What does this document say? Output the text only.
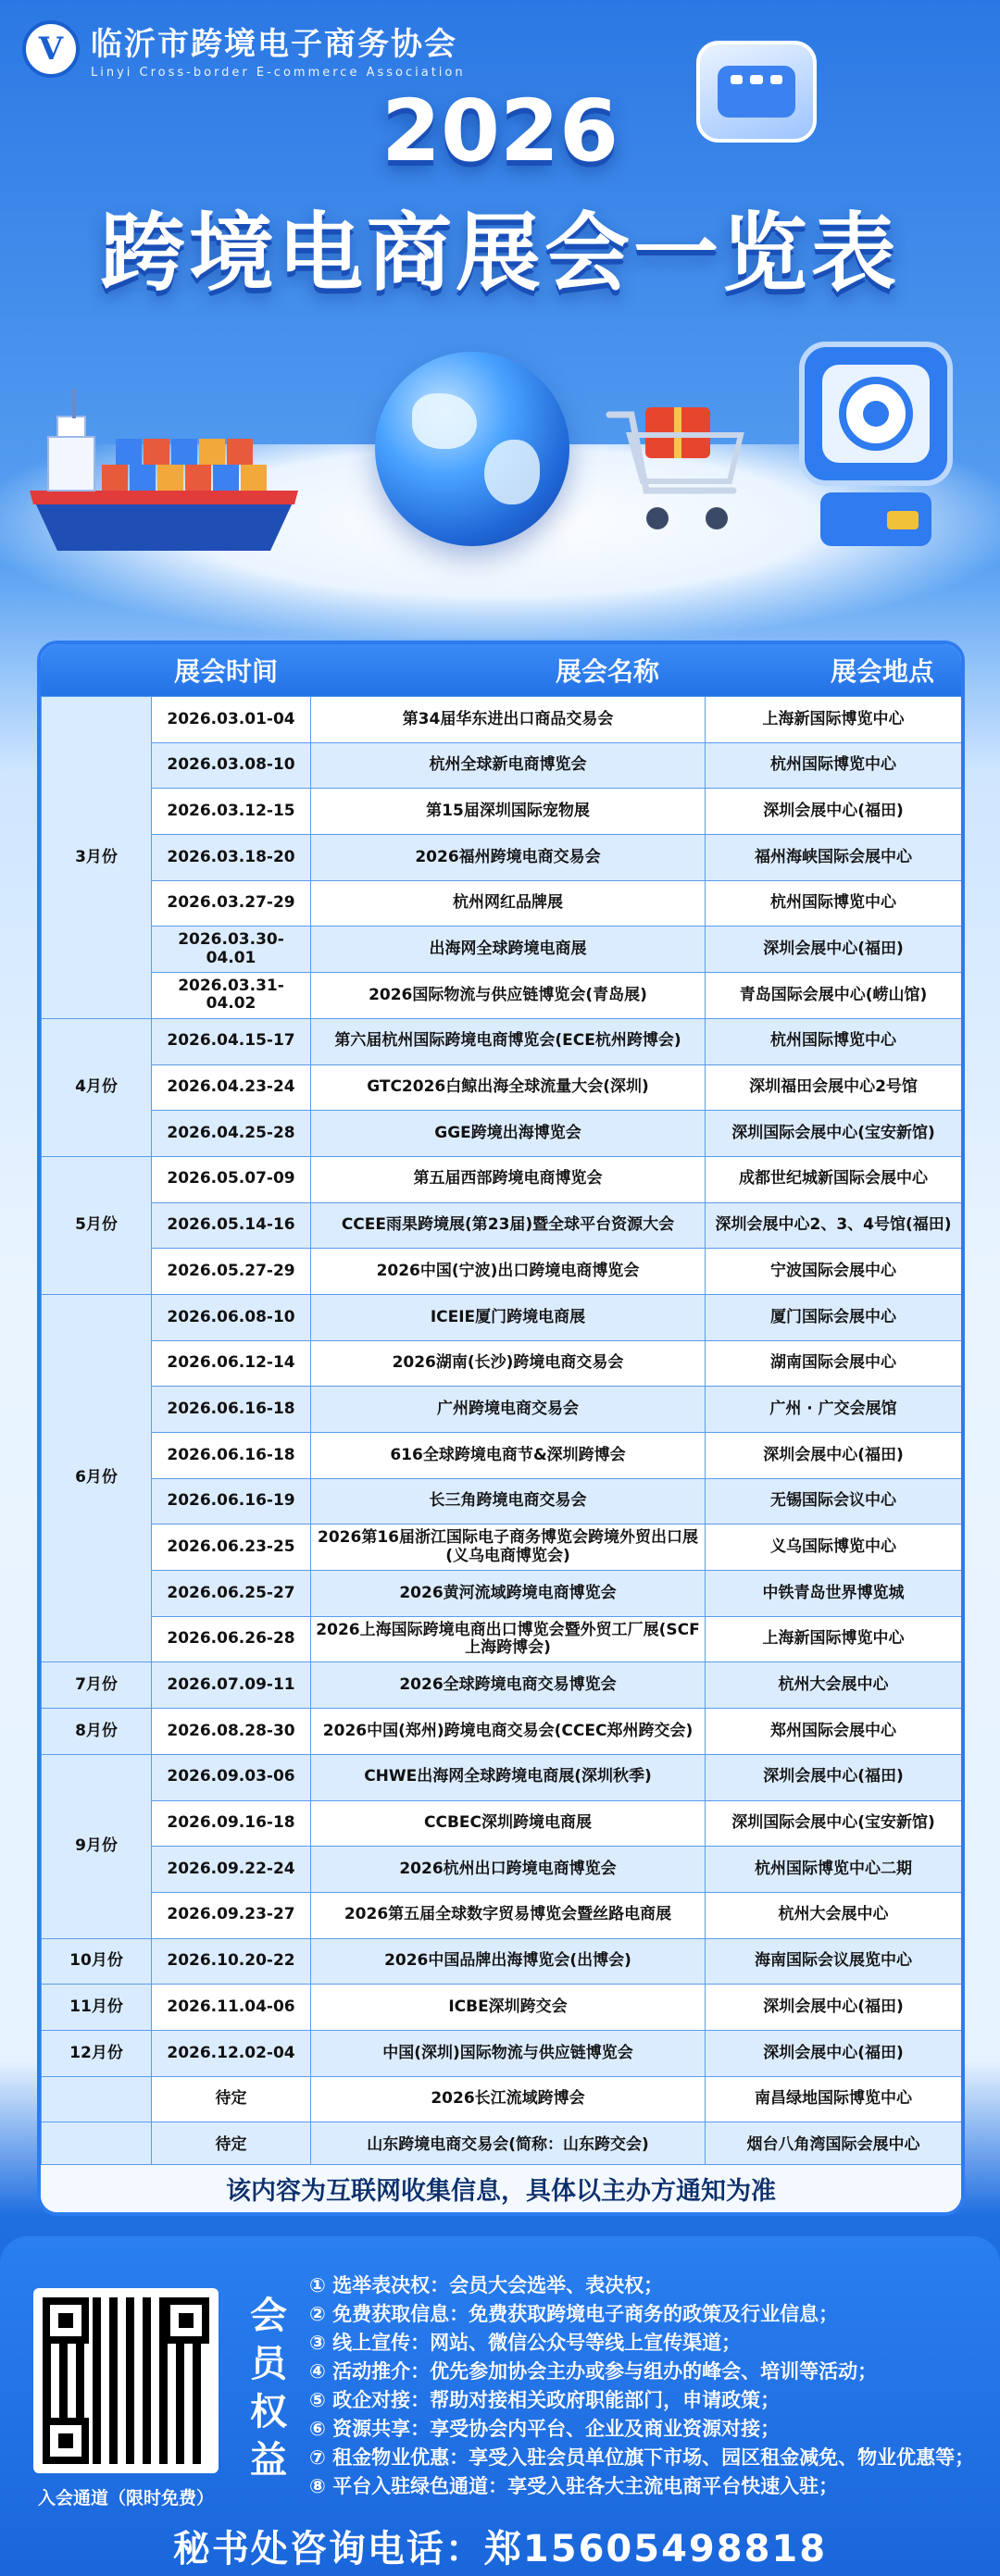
V 临沂市跨境电子商务协会
Linyi Cross-border E-commerce Association
2026
跨境电商展会一览表
展会时间	展会名称	展会地点
3月份	2026.03.01-04	第34届华东进出口商品交易会	上海新国际博览中心
	2026.03.08-10	杭州全球新电商博览会	杭州国际博览中心
	2026.03.12-15	第15届深圳国际宠物展	深圳会展中心(福田)
	2026.03.18-20	2026福州跨境电商交易会	福州海峡国际会展中心
	2026.03.27-29	杭州网红品牌展	杭州国际博览中心
	2026.03.30-04.01	出海网全球跨境电商展	深圳会展中心(福田)
	2026.03.31-04.02	2026国际物流与供应链博览会(青岛展)	青岛国际会展中心(崂山馆)
4月份	2026.04.15-17	第六届杭州国际跨境电商博览会(ECE杭州跨博会)	杭州国际博览中心
	2026.04.23-24	GTC2026白鲸出海全球流量大会(深圳)	深圳福田会展中心2号馆
	2026.04.25-28	GGE跨境出海博览会	深圳国际会展中心(宝安新馆)
5月份	2026.05.07-09	第五届西部跨境电商博览会	成都世纪城新国际会展中心
	2026.05.14-16	CCEE雨果跨境展(第23届)暨全球平台资源大会	深圳会展中心2、3、4号馆(福田)
	2026.05.27-29	2026中国(宁波)出口跨境电商博览会	宁波国际会展中心
6月份	2026.06.08-10	ICEIE厦门跨境电商展	厦门国际会展中心
	2026.06.12-14	2026湖南(长沙)跨境电商交易会	湖南国际会展中心
	2026.06.16-18	广州跨境电商交易会	广州 · 广交会展馆
	2026.06.16-18	616全球跨境电商节&深圳跨博会	深圳会展中心(福田)
	2026.06.16-19	长三角跨境电商交易会	无锡国际会议中心
	2026.06.23-25	2026第16届浙江国际电子商务博览会跨境外贸出口展(义乌电商博览会)	义乌国际博览中心
	2026.06.25-27	2026黄河流域跨境电商博览会	中铁青岛世界博览城
	2026.06.26-28	2026上海国际跨境电商出口博览会暨外贸工厂展(SCF上海跨博会)	上海新国际博览中心
7月份	2026.07.09-11	2026全球跨境电商交易博览会	杭州大会展中心
8月份	2026.08.28-30	2026中国(郑州)跨境电商交易会(CCEC郑州跨交会)	郑州国际会展中心
9月份	2026.09.03-06	CHWE出海网全球跨境电商展(深圳秋季)	深圳会展中心(福田)
	2026.09.16-18	CCBEC深圳跨境电商展	深圳国际会展中心(宝安新馆)
	2026.09.22-24	2026杭州出口跨境电商博览会	杭州国际博览中心二期
	2026.09.23-27	2026第五届全球数字贸易博览会暨丝路电商展	杭州大会展中心
10月份	2026.10.20-22	2026中国品牌出海博览会(出博会)	海南国际会议展览中心
11月份	2026.11.04-06	ICBE深圳跨交会	深圳会展中心(福田)
12月份	2026.12.02-04	中国(深圳)国际物流与供应链博览会	深圳会展中心(福田)
	待定	2026长江流域跨博会	南昌绿地国际博览中心
	待定	山东跨境电商交易会(简称：山东跨交会)	烟台八角湾国际会展中心
该内容为互联网收集信息，具体以主办方通知为准
入会通道（限时免费）
会
员
权
益
① 选举表决权：会员大会选举、表决权；
② 免费获取信息：免费获取跨境电子商务的政策及行业信息；
③ 线上宣传：网站、微信公众号等线上宣传渠道；
④ 活动推介：优先参加协会主办或参与组办的峰会、培训等活动；
⑤ 政企对接：帮助对接相关政府职能部门，申请政策；
⑥ 资源共享：享受协会内平台、企业及商业资源对接；
⑦ 租金物业优惠：享受入驻会员单位旗下市场、园区租金减免、物业优惠等；
⑧ 平台入驻绿色通道：享受入驻各大主流电商平台快速入驻；
秘书处咨询电话：郑15605498818
